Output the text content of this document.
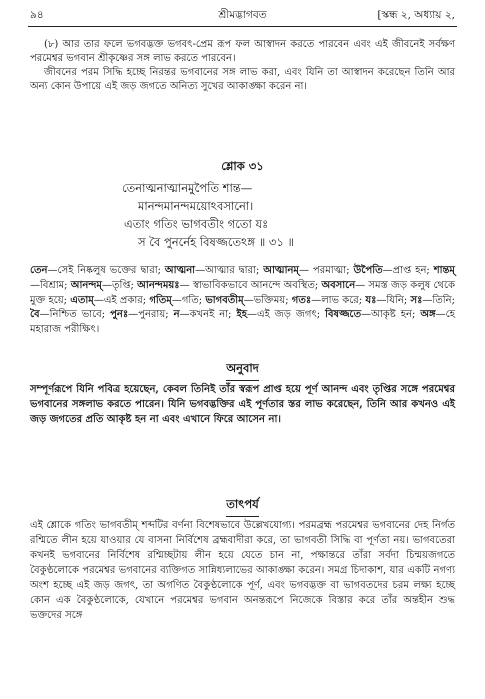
৯৪	শ্রীমদ্ভাগবত	[স্কন্ধ ২, অধ্যায় ২,
(৮) আর তার ফলে ভগবদ্ভক্ত ভগবৎ-প্রেম রূপ ফল আস্বাদন করতে পারবেন এবং এই জীবনেই সর্বক্ষণ পরমেশ্বর ভগবান শ্রীকৃষ্ণের সঙ্গ লাভ করতে পারবেন।
জীবনের পরম সিদ্ধি হচ্ছে নিরন্তর ভগবানের সঙ্গ লাভ করা, এবং যিনি তা আস্বাদন করেছেন তিনি আর অন্য কোন উপায়ে এই জড় জগতে অনিত্য সুখের আকাঙ্ক্ষা করেন না।
শ্লোক ৩১
তেনাত্মনাত্মানমুপৈতি শান্ত—
মানন্দমানন্দময়োঽবসানো।
এতাং গতিং ভাগবতীং গতো যঃ
স বৈ পুনর্নেহ বিষজ্জতেঽঙ্গ ॥ ৩১ ॥
তেন—সেই নিষ্কলুষ ভক্তের দ্বারা; আত্মনা—আত্মার দ্বারা; আত্মানম্— পরমাত্মা; উপৈতি—প্রাপ্ত হন; শান্তম্—বিশ্রাম; আনন্দম্—তৃপ্তি; আনন্দময়ঃ— স্বাভাবিকভাবে আনন্দে অবস্থিত; অবসানে— সমস্ত জড় কলুষ থেকে মুক্ত হয়ে; এতাম্—এই প্রকার; গতিম্—গতি; ভাগবতীম্—ভক্তিময়; গতঃ—লাভ করে; যঃ—যিনি; সঃ—তিনি; বৈ—নিশ্চিত ভাবে; পুনঃ—পুনরায়; ন—কখনই না; ইহ—এই জড় জগৎ; বিষজ্জতে—আকৃষ্ট হন; অঙ্গ—হে মহারাজ পরীক্ষিৎ।
অনুবাদ
সম্পূর্ণরূপে যিনি পবিত্র হয়েছেন, কেবল তিনিই তাঁর স্বরূপ প্রাপ্ত হয়ে পূর্ণ আনন্দ এবং তৃপ্তির সঙ্গে পরমেশ্বর ভগবানের সঙ্গলাভ করতে পারেন। যিনি ভগবদ্ভক্তির এই পূর্ণতার স্তর লাভ করেছেন, তিনি আর কখনও এই জড় জগতের প্রতি আকৃষ্ট হন না এবং এখানে ফিরে আসেন না।
তাৎপর্য
এই শ্লোকে গতিং ভাগবতীম্ শব্দটির বর্ণনা বিশেষভাবে উল্লেখযোগ্য। পরমব্রহ্ম পরমেশ্বর ভগবানের দেহ নির্গত রশ্মিতে লীন হয়ে যাওয়ার যে বাসনা নির্বিশেষ ব্রহ্মবাদীরা করে, তা ভাগবতী সিদ্ধি বা পূর্ণতা নয়। ভাগবতেরা কখনই ভগবানের নির্বিশেষ রশ্মিচ্ছটায় লীন হয়ে যেতে চান না, পক্ষান্তরে তাঁরা সর্বদা চিন্ময়জগতে বৈকুণ্ঠলোকে পরমেশ্বর ভগবানের ব্যক্তিগত সান্নিধ্যলাভের আকাঙ্ক্ষা করেন। সমগ্র চিদাকাশ, যার একটি নগণ্য অংশ হচ্ছে এই জড় জগৎ, তা অগণিত বৈকুণ্ঠলোকে পূর্ণ, এবং ভগবদ্ভক্ত বা ভাগবতদের চরম লক্ষ্য হচ্ছে কোন এক বৈকুণ্ঠলোকে, যেখানে পরমেশ্বর ভগবান অনন্তরূপে নিজেকে বিস্তার করে তাঁর অন্তহীন শুদ্ধ ভক্তদের সঙ্গে
